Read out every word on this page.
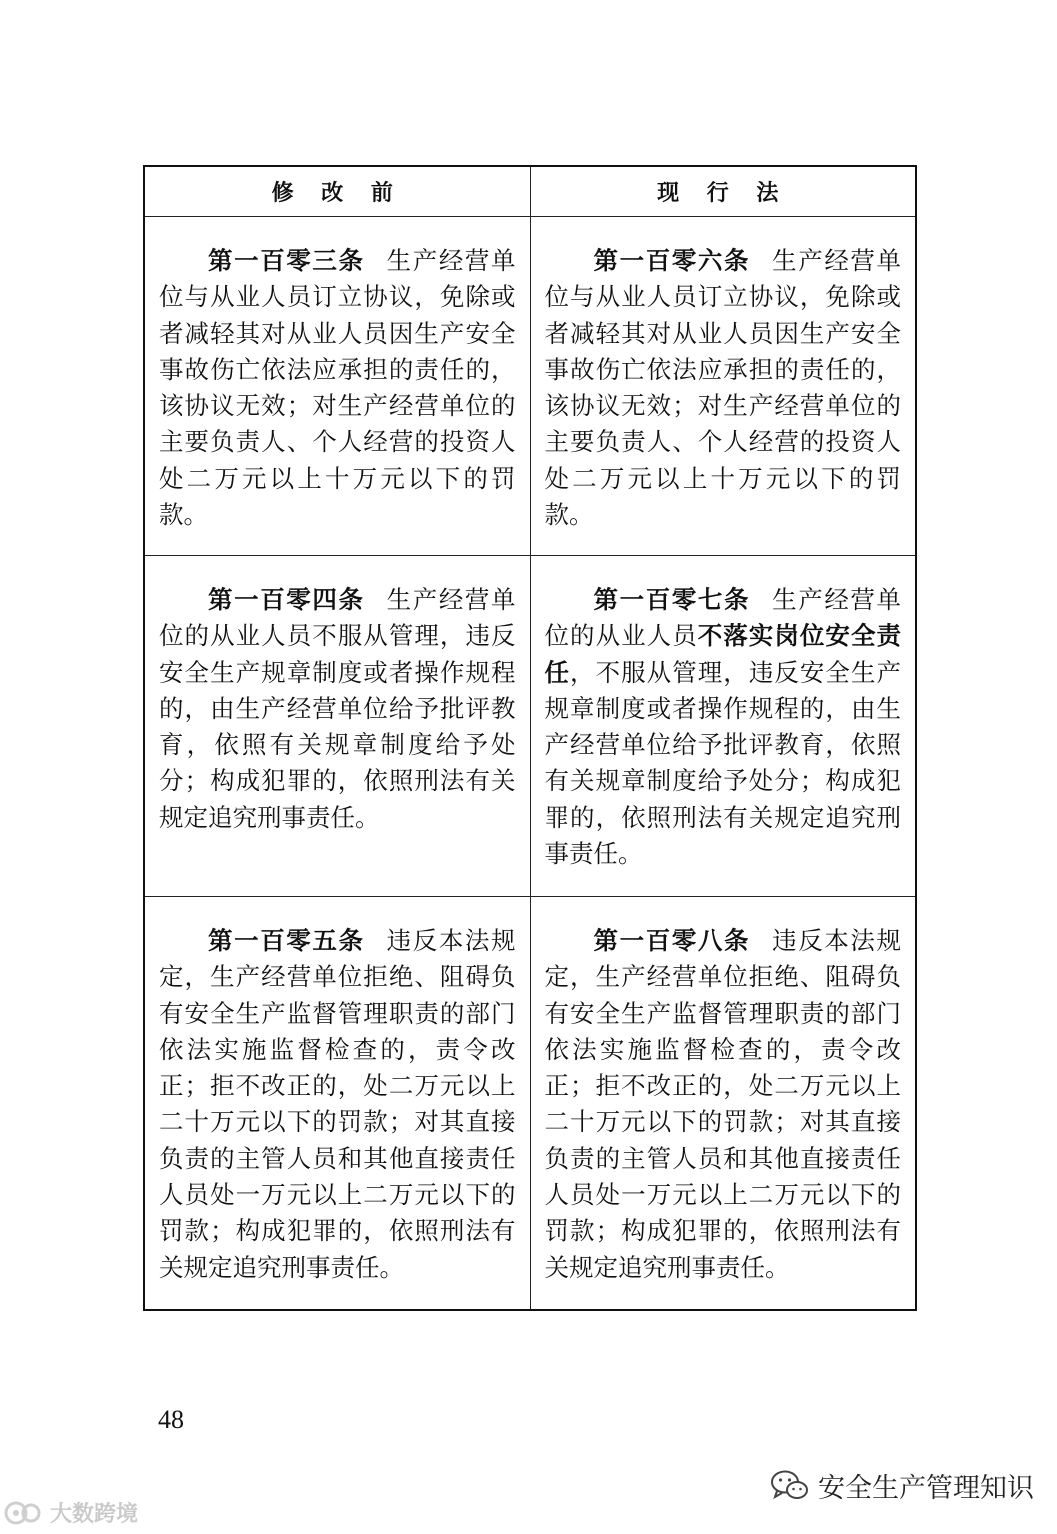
修 改 前	现 行 法
第一百零三条 生产经营单位与从业人员订立协议，免除或者减轻其对从业人员因生产安全事故伤亡依法应承担的责任的，该协议无效；对生产经营单位的主要负责人、个人经营的投资人处二万元以上十万元以下的罚款。	第一百零六条 生产经营单位与从业人员订立协议，免除或者减轻其对从业人员因生产安全事故伤亡依法应承担的责任的，该协议无效；对生产经营单位的主要负责人、个人经营的投资人处二万元以上十万元以下的罚款。
第一百零四条 生产经营单位的从业人员不服从管理，违反安全生产规章制度或者操作规程的，由生产经营单位给予批评教育，依照有关规章制度给予处分；构成犯罪的，依照刑法有关规定追究刑事责任。	第一百零七条 生产经营单位的从业人员不落实岗位安全责任，不服从管理，违反安全生产规章制度或者操作规程的，由生产经营单位给予批评教育，依照有关规章制度给予处分；构成犯罪的，依照刑法有关规定追究刑事责任。
第一百零五条 违反本法规定，生产经营单位拒绝、阻碍负有安全生产监督管理职责的部门依法实施监督检查的，责令改正；拒不改正的，处二万元以上二十万元以下的罚款；对其直接负责的主管人员和其他直接责任人员处一万元以上二万元以下的罚款；构成犯罪的，依照刑法有关规定追究刑事责任。	第一百零八条 违反本法规定，生产经营单位拒绝、阻碍负有安全生产监督管理职责的部门依法实施监督检查的，责令改正；拒不改正的，处二万元以上二十万元以下的罚款；对其直接负责的主管人员和其他直接责任人员处一万元以上二万元以下的罚款；构成犯罪的，依照刑法有关规定追究刑事责任。
48
大数跨境
安全生产管理知识
